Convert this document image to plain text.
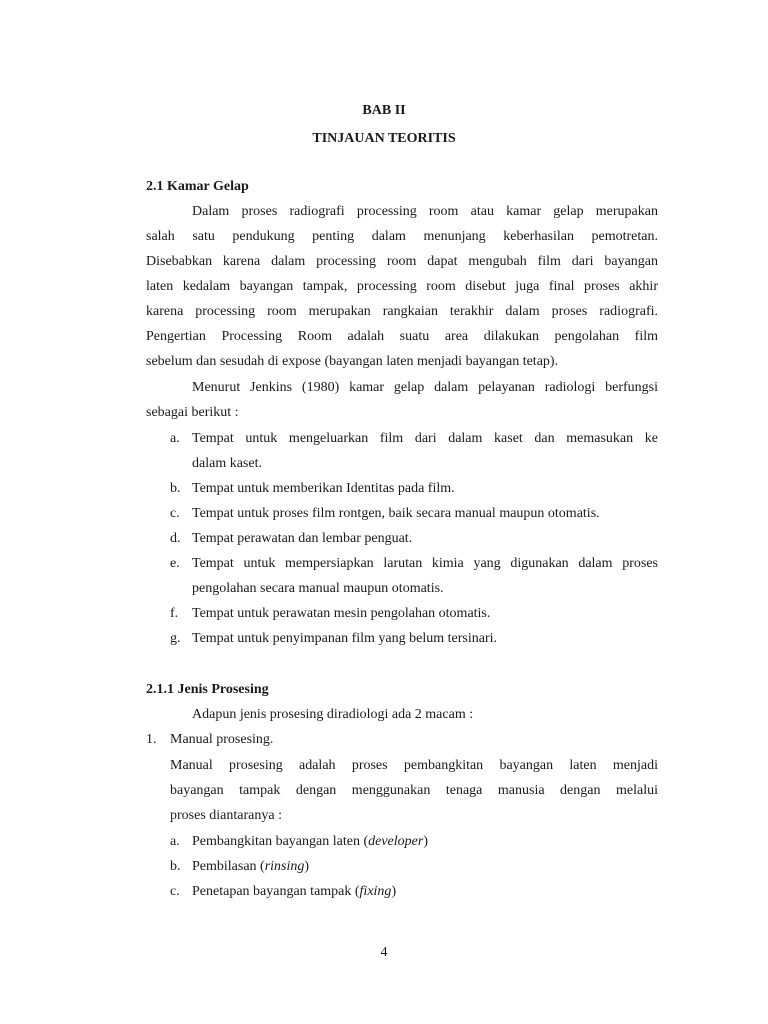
BAB II
TINJAUAN TEORITIS
2.1 Kamar Gelap
Dalam proses radiografi processing room atau kamar gelap merupakan
salah satu pendukung penting dalam menunjang keberhasilan pemotretan.
Disebabkan karena dalam processing room dapat mengubah film dari bayangan
laten kedalam bayangan tampak, processing room disebut juga final proses akhir
karena processing room merupakan rangkaian terakhir dalam proses radiografi.
Pengertian Processing Room adalah suatu area dilakukan pengolahan film
sebelum dan sesudah di expose (bayangan laten menjadi bayangan tetap).
Menurut Jenkins (1980) kamar gelap dalam pelayanan radiologi berfungsi
sebagai berikut :
a. Tempat untuk mengeluarkan film dari dalam kaset dan memasukan ke
dalam kaset.
b. Tempat untuk memberikan Identitas pada film.
c. Tempat untuk proses film rontgen, baik secara manual maupun otomatis.
d. Tempat perawatan dan lembar penguat.
e. Tempat untuk mempersiapkan larutan kimia yang digunakan dalam proses
pengolahan secara manual maupun otomatis.
f. Tempat untuk perawatan mesin pengolahan otomatis.
g. Tempat untuk penyimpanan film yang belum tersinari.
2.1.1 Jenis Prosesing
Adapun jenis prosesing diradiologi ada 2 macam :
1. Manual prosesing.
Manual prosesing adalah proses pembangkitan bayangan laten menjadi
bayangan tampak dengan menggunakan tenaga manusia dengan melalui
proses diantaranya :
a. Pembangkitan bayangan laten (developer)
b. Pembilasan (rinsing)
c. Penetapan bayangan tampak (fixing)
4
